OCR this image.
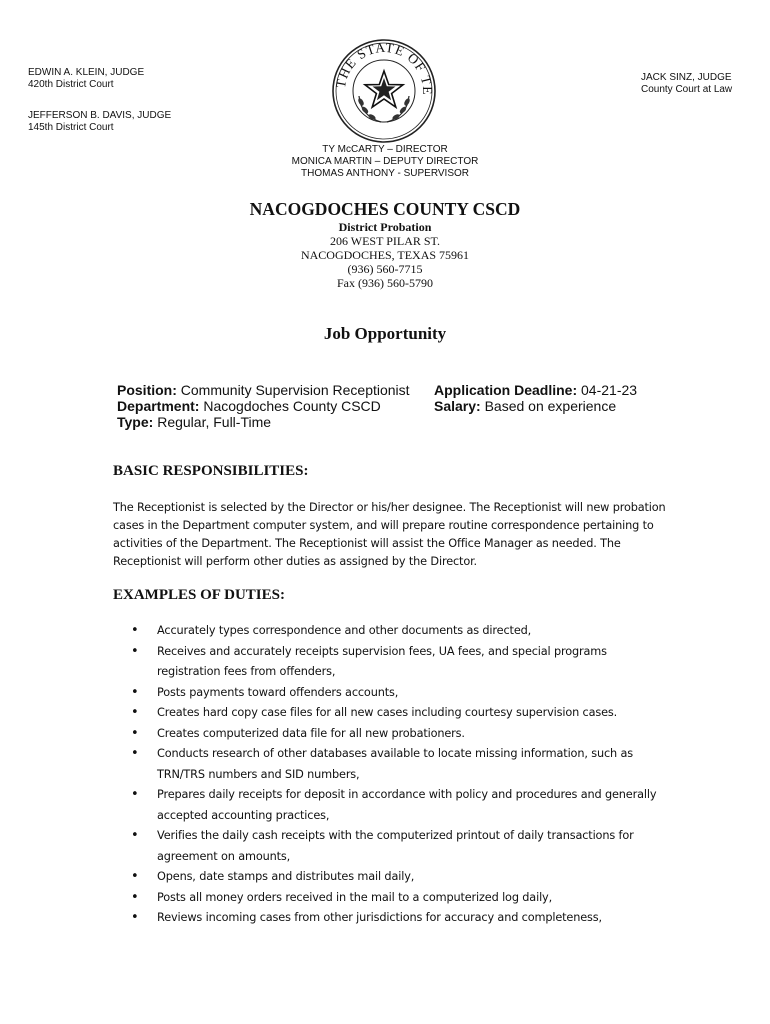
EDWIN A. KLEIN, JUDGE
420th District Court
JEFFERSON B. DAVIS, JUDGE
145th District Court
JACK SINZ, JUDGE
County Court at Law
THE STATE OF TE
TY McCARTY – DIRECTOR
MONICA MARTIN – DEPUTY DIRECTOR
THOMAS ANTHONY - SUPERVISOR
NACOGDOCHES COUNTY CSCD
District Probation
206 WEST PILAR ST.
NACOGDOCHES, TEXAS 75961
(936) 560-7715
Fax (936) 560-5790
Job Opportunity
Position: Community Supervision Receptionist
Department: Nacogdoches County CSCD
Type: Regular, Full-Time
Application Deadline: 04-21-23
Salary: Based on experience
BASIC RESPONSIBILITIES:
The Receptionist is selected by the Director or his/her designee. The Receptionist will new probation cases in the Department computer system, and will prepare routine correspondence pertaining to activities of the Department. The Receptionist will assist the Office Manager as needed. The Receptionist will perform other duties as assigned by the Director.
EXAMPLES OF DUTIES:
• Accurately types correspondence and other documents as directed,
• Receives and accurately receipts supervision fees, UA fees, and special programs registration fees from offenders,
• Posts payments toward offenders accounts,
• Creates hard copy case files for all new cases including courtesy supervision cases.
• Creates computerized data file for all new probationers.
• Conducts research of other databases available to locate missing information, such as TRN/TRS numbers and SID numbers,
• Prepares daily receipts for deposit in accordance with policy and procedures and generally accepted accounting practices,
• Verifies the daily cash receipts with the computerized printout of daily transactions for agreement on amounts,
• Opens, date stamps and distributes mail daily,
• Posts all money orders received in the mail to a computerized log daily,
• Reviews incoming cases from other jurisdictions for accuracy and completeness,
